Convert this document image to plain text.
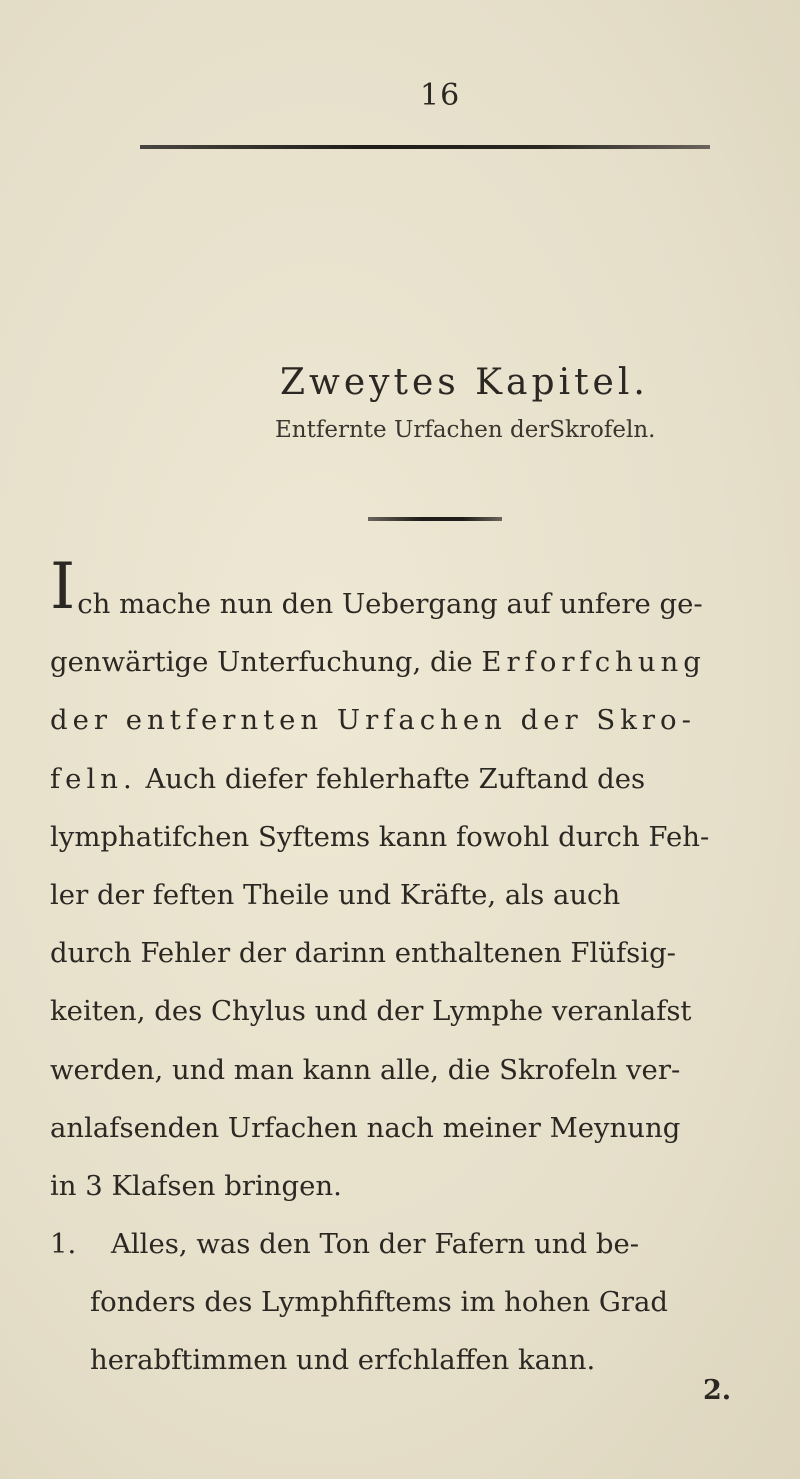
16
Zweytes Kapitel.
Entfernte Urfachen derSkrofeln.
Ich mache nun den Uebergang auf unfere ge-
genwärtige Unterfuchung, die Erforfchung
der entfernten Urfachen der Skro-
feln. Auch diefer fehlerhafte Zuftand des
lymphatifchen Syftems kann fowohl durch Feh-
ler der feften Theile und Kräfte, als auch
durch Fehler der darinn enthaltenen Flüfsig-
keiten, des Chylus und der Lymphe veranlafst
werden, und man kann alle, die Skrofeln ver-
anlafsenden Urfachen nach meiner Meynung
in 3 Klafsen bringen.
1. Alles, was den Ton der Fafern und be-
fonders des Lymphfiftems im hohen Grad
herabftimmen und erfchlaffen kann.
2.
